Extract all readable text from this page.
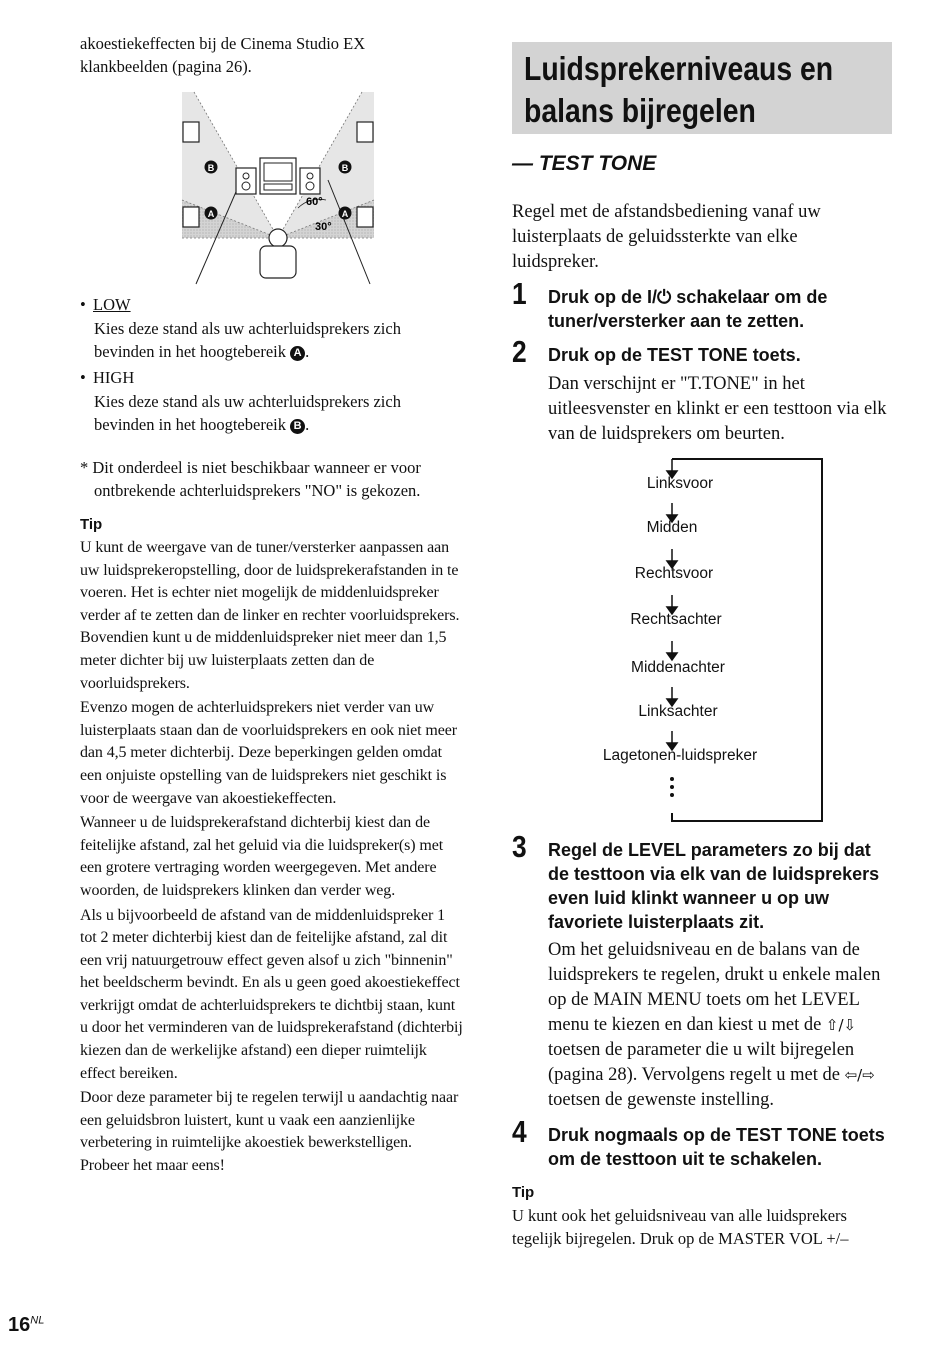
akoestiekeffecten bij de Cinema Studio EX klankbeelden (pagina 26).

B	B
A	A
60°
30°
• LOW

Kies deze stand als uw achterluidsprekers zich bevinden in het hoogtebereik A .

• HIGH

Kies deze stand als uw achterluidsprekers zich bevinden in het hoogtebereik B .

* Dit onderdeel is niet beschikbaar wanneer er voor ontbrekende achterluidsprekers "NO" is gekozen.

Tip

U kunt de weergave van de tuner/versterker aanpassen aan uw luidsprekeropstelling, door de luidsprekerafstanden in te voeren. Het is echter niet mogelijk de middenluidspreker verder af te zetten dan de linker en rechter voorluidsprekers. Bovendien kunt u de middenluidspreker niet meer dan 1,5 meter dichter bij uw luisterplaats zetten dan de voorluidsprekers.

Evenzo mogen de achterluidsprekers niet verder van uw luisterplaats staan dan de voorluidsprekers en ook niet meer dan 4,5 meter dichterbij. Deze beperkingen gelden omdat een onjuiste opstelling van de luidsprekers niet geschikt is voor de weergave van akoestiekeffecten.

Wanneer u de luidsprekerafstand dichterbij kiest dan de feitelijke afstand, zal het geluid via die luidspreker(s) met een grotere vertraging worden weergegeven. Met andere woorden, de luidsprekers klinken dan verder weg.

Als u bijvoorbeeld de afstand van de middenluidspreker 1 tot 2 meter dichterbij kiest dan de feitelijke afstand, zal dit een vrij natuurgetrouw effect geven alsof u zich "binnenin" het beeldscherm bevindt. En als u geen goed akoestiekeffect verkrijgt omdat de achterluidsprekers te dichtbij staan, kunt u door het verminderen van de luidsprekerafstand (dichterbij kiezen dan de werkelijke afstand) een dieper ruimtelijk effect bereiken.

Door deze parameter bij te regelen terwijl u aandachtig naar een geluidsbron luistert, kunt u vaak een aanzienlijke verbetering in ruimtelijke akoestiek bewerkstelligen. Probeer het maar eens!

Luidsprekerniveaus en
balans bijregelen
— TEST TONE

Regel met de afstandsbediening vanaf uw luisterplaats de geluidssterkte van elke luidspreker.

1 Druk op de I/⏻ schakelaar om de tuner/versterker aan te zetten.
2 Druk op de TEST TONE toets.

Dan verschijnt er "T.TONE" in het uitleesvenster en klinkt er een testtoon via elk van de luidsprekers om beurten.

Linksvoor
Midden
Rechtsvoor
Rechtsachter
Middenachter
Linksachter
Lagetonen-luidspreker
3 Regel de LEVEL parameters zo bij dat de testtoon via elk van de luidsprekers even luid klinkt wanneer u op uw favoriete luisterplaats zit.

Om het geluidsniveau en de balans van de luidsprekers te regelen, drukt u enkele malen op de MAIN MENU toets om het LEVEL menu te kiezen en dan kiest u met de ⇧/⇩ toetsen de parameter die u wilt bijregelen (pagina 28). Vervolgens regelt u met de ⇦/⇨ toetsen de gewenste instelling.

4 Druk nogmaals op de TEST TONE toets om de testtoon uit te schakelen.
Tip

U kunt ook het geluidsniveau van alle luidsprekers tegelijk bijregelen. Druk op de MASTER VOL +/–

$16^{NL}$
